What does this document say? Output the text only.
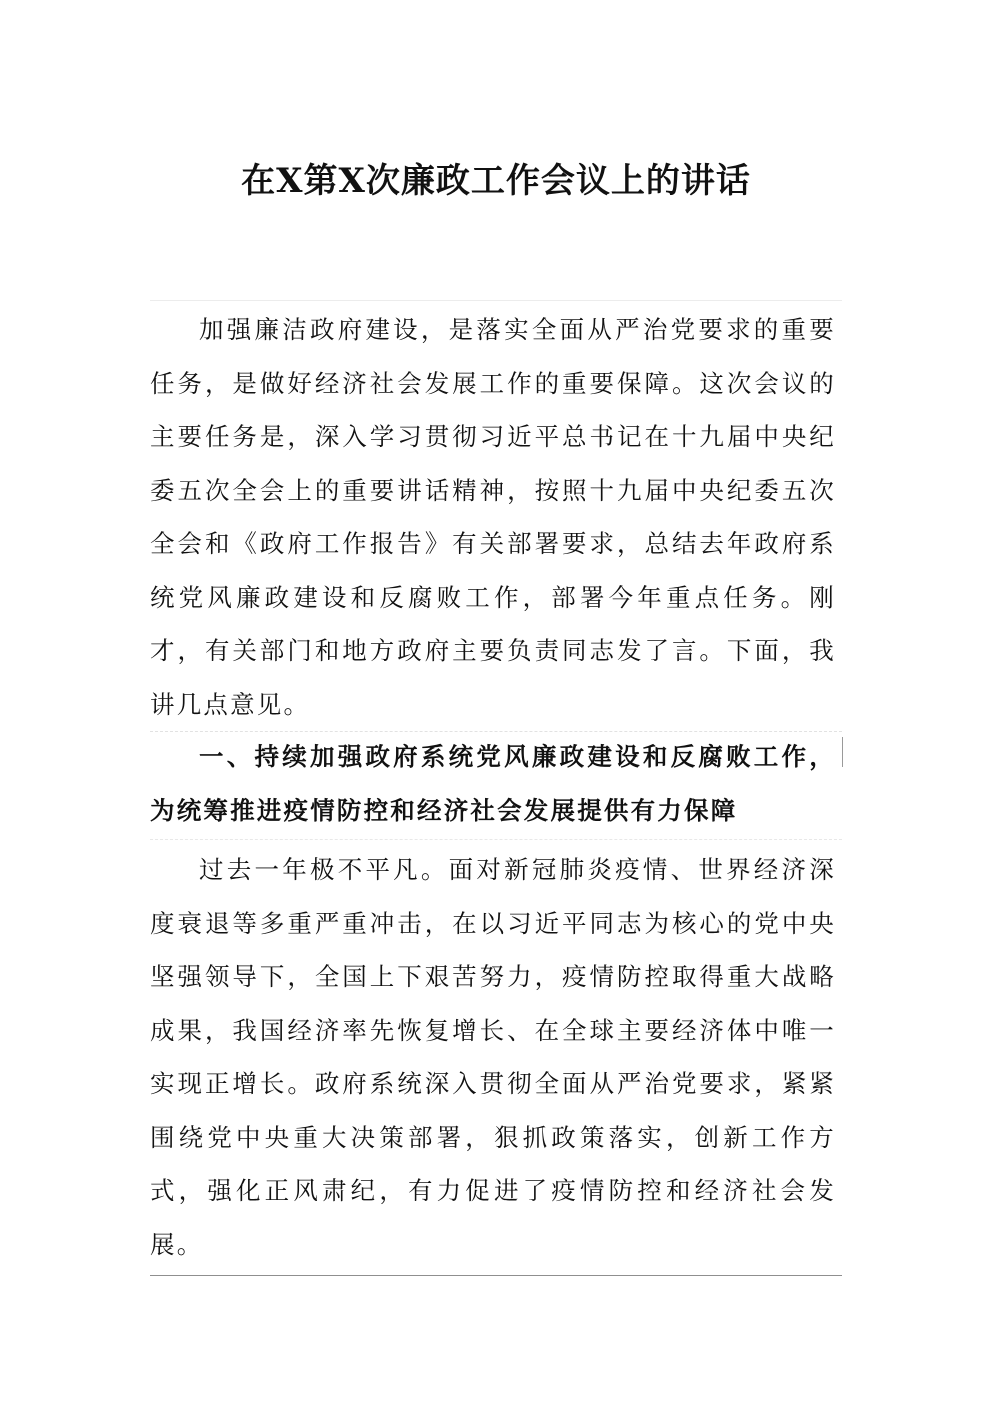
在X第X次廉政工作会议上的讲话

加强廉洁政府建设，是落实全面从严治党要求的重要任务，是做好经济社会发展工作的重要保障。这次会议的主要任务是，深入学习贯彻习近平总书记在十九届中央纪委五次全会上的重要讲话精神，按照十九届中央纪委五次全会和《政府工作报告》有关部署要求，总结去年政府系统党风廉政建设和反腐败工作，部署今年重点任务。刚才，有关部门和地方政府主要负责同志发了言。下面，我讲几点意见。

一、持续加强政府系统党风廉政建设和反腐败工作，为统筹推进疫情防控和经济社会发展提供有力保障

过去一年极不平凡。面对新冠肺炎疫情、世界经济深度衰退等多重严重冲击，在以习近平同志为核心的党中央坚强领导下，全国上下艰苦努力，疫情防控取得重大战略成果，我国经济率先恢复增长、在全球主要经济体中唯一实现正增长。政府系统深入贯彻全面从严治党要求，紧紧围绕党中央重大决策部署，狠抓政策落实，创新工作方式，强化正风肃纪，有力促进了疫情防控和经济社会发展。
